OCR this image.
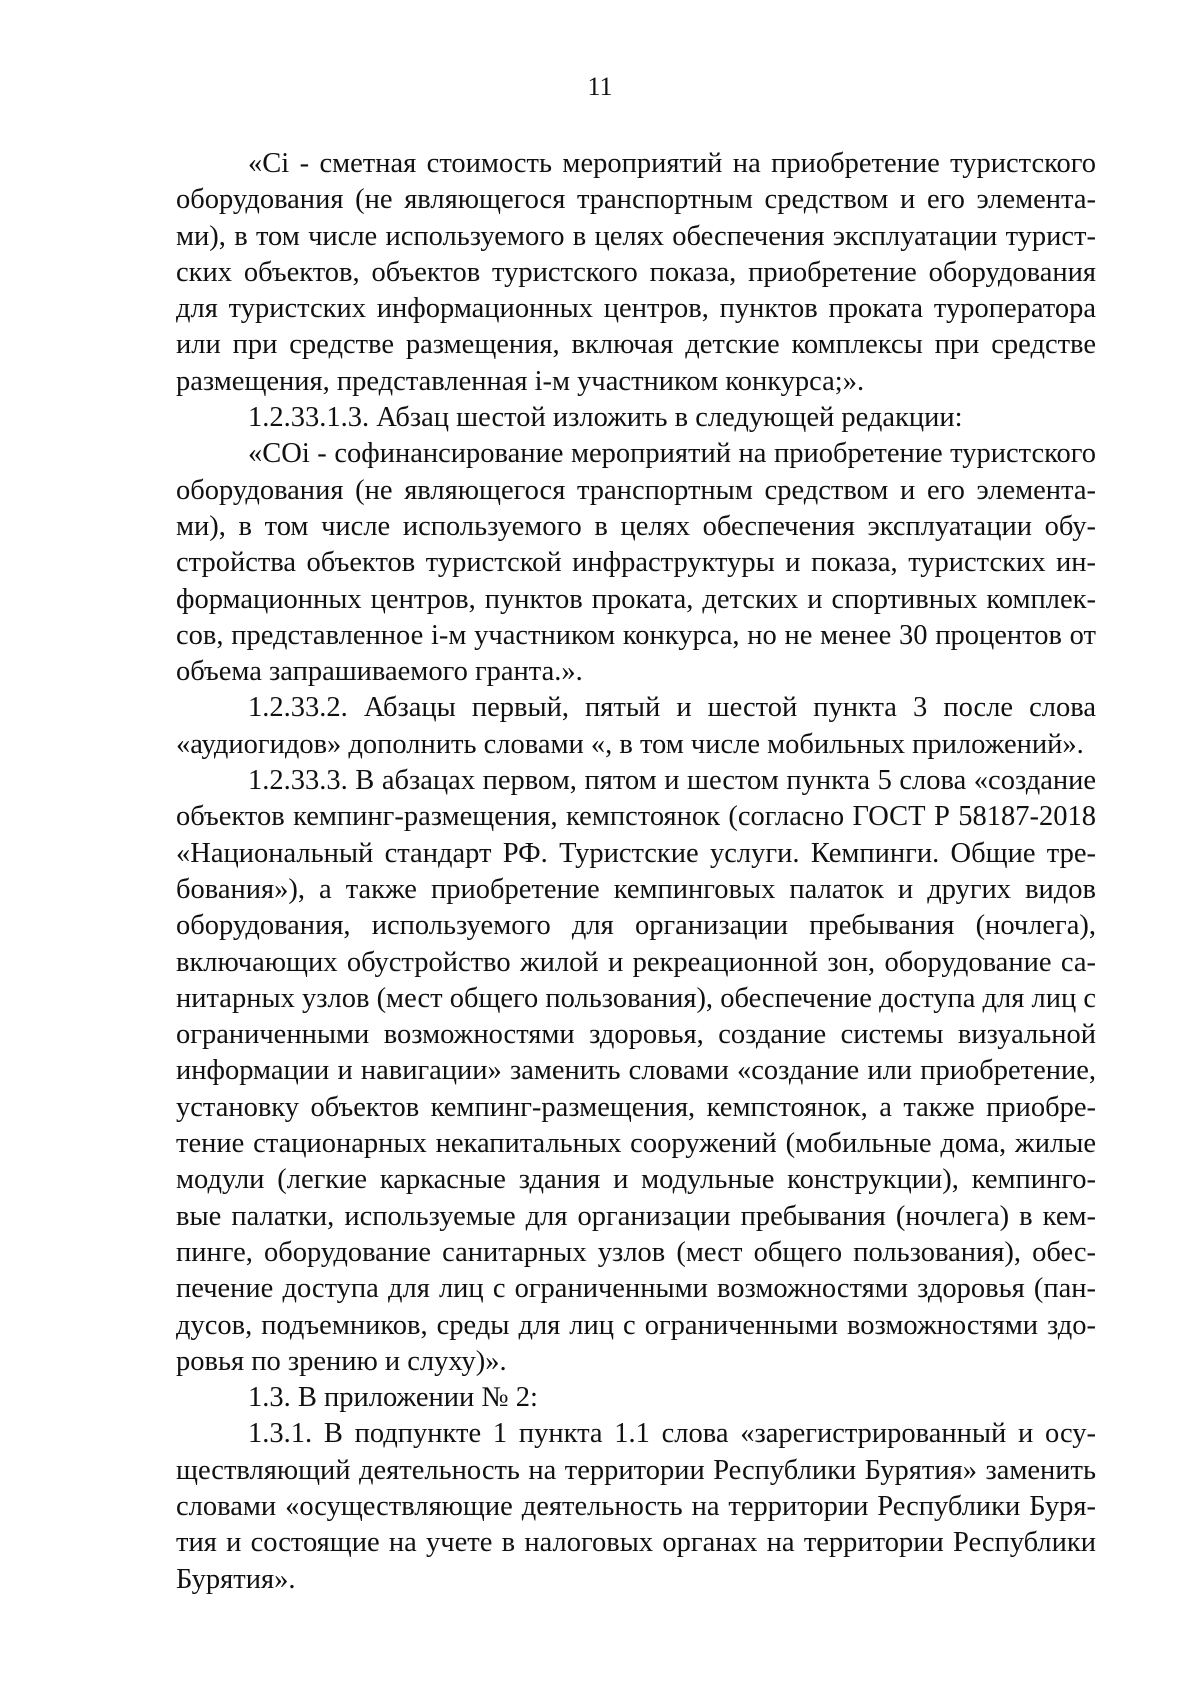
11
«Ci - сметная стоимость мероприятий на приобретение туристского
оборудования (не являющегося транспортным средством и его элемента-
ми), в том числе используемого в целях обеспечения эксплуатации турист-
ских объектов, объектов туристского показа, приобретение оборудования
для туристских информационных центров, пунктов проката туроператора
или при средстве размещения, включая детские комплексы при средстве
размещения, представленная i-м участником конкурса;».
1.2.33.1.3. Абзац шестой изложить в следующей редакции:
«COi - софинансирование мероприятий на приобретение туристского
оборудования (не являющегося транспортным средством и его элемента-
ми), в том числе используемого в целях обеспечения эксплуатации обу-
стройства объектов туристской инфраструктуры и показа, туристских ин-
формационных центров, пунктов проката, детских и спортивных комплек-
сов, представленное i-м участником конкурса, но не менее 30 процентов от
объема запрашиваемого гранта.».
1.2.33.2. Абзацы первый, пятый и шестой пункта 3 после слова
«аудиогидов» дополнить словами «, в том числе мобильных приложений».
1.2.33.3. В абзацах первом, пятом и шестом пункта 5 слова «создание
объектов кемпинг-размещения, кемпстоянок (согласно ГОСТ Р 58187-2018
«Национальный стандарт РФ. Туристские услуги. Кемпинги. Общие тре-
бования»), а также приобретение кемпинговых палаток и других видов
оборудования, используемого для организации пребывания (ночлега),
включающих обустройство жилой и рекреационной зон, оборудование са-
нитарных узлов (мест общего пользования), обеспечение доступа для лиц с
ограниченными возможностями здоровья, создание системы визуальной
информации и навигации» заменить словами «создание или приобретение,
установку объектов кемпинг-размещения, кемпстоянок, а также приобре-
тение стационарных некапитальных сооружений (мобильные дома, жилые
модули (легкие каркасные здания и модульные конструкции), кемпинго-
вые палатки, используемые для организации пребывания (ночлега) в кем-
пинге, оборудование санитарных узлов (мест общего пользования), обес-
печение доступа для лиц с ограниченными возможностями здоровья (пан-
дусов, подъемников, среды для лиц с ограниченными возможностями здо-
ровья по зрению и слуху)».
1.3. В приложении № 2:
1.3.1. В подпункте 1 пункта 1.1 слова «зарегистрированный и осу-
ществляющий деятельность на территории Республики Бурятия» заменить
словами «осуществляющие деятельность на территории Республики Буря-
тия и состоящие на учете в налоговых органах на территории Республики
Бурятия».
